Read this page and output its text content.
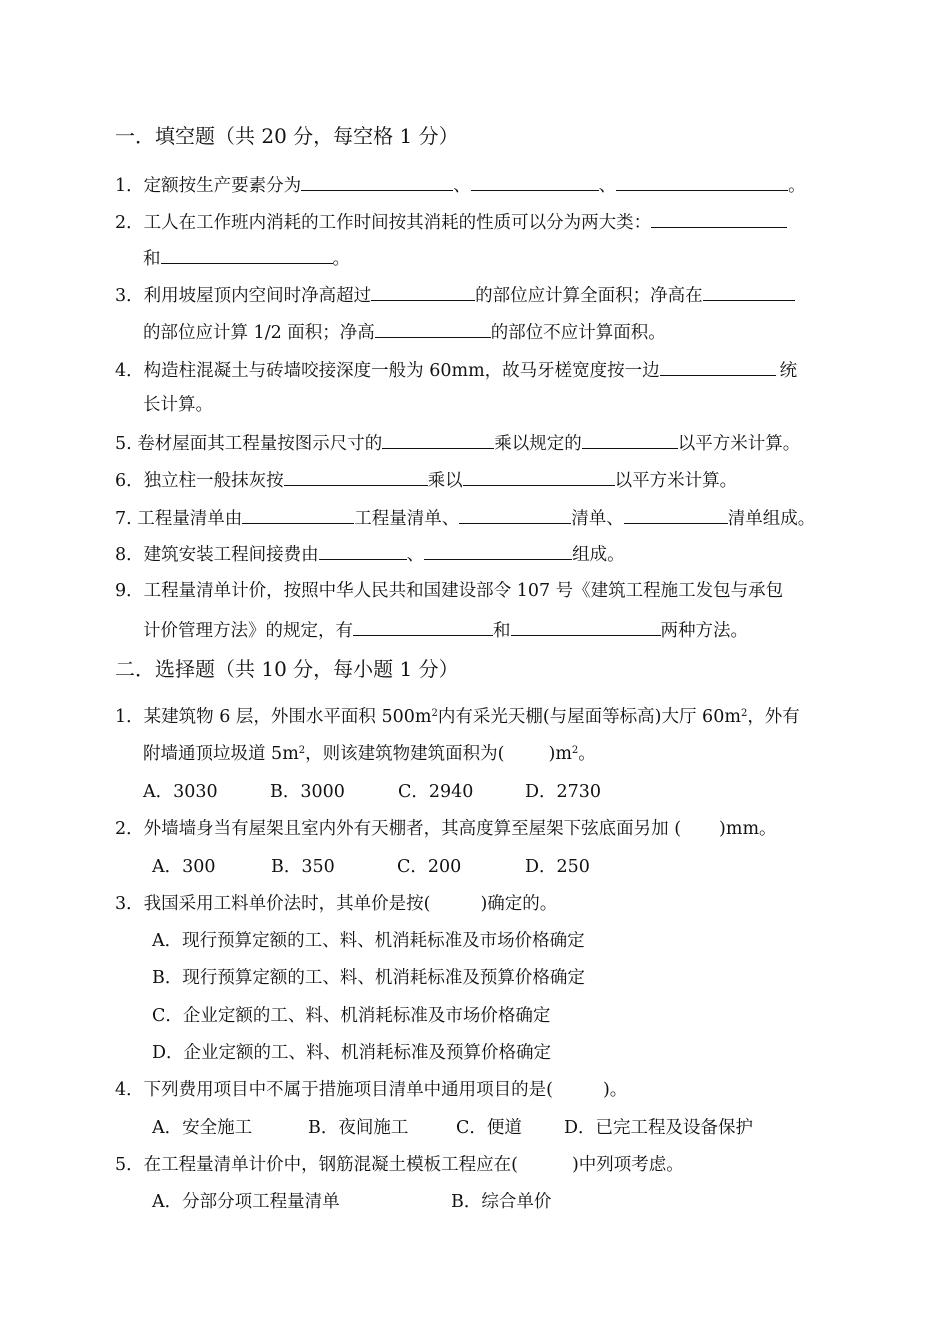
一．填空题（共 20 分，每空格 1 分）
1．定额按生产要素分为	、	、	。
2．工人在工作班内消耗的工作时间按其消耗的性质可以分为两大类：
和	。
3．利用坡屋顶内空间时净高超过	的部位应计算全面积；净高在
的部位应计算 1/2 面积；净高	的部位不应计算面积。
4．构造柱混凝土与砖墙咬接深度一般为 60mm，故马牙槎宽度按一边	统
长计算。
5. 卷材屋面其工程量按图示尺寸的	乘以规定的	以平方米计算。
6．独立柱一般抹灰按	乘以	以平方米计算。
7. 工程量清单由	工程量清单、	清单、	清单组成。
8．建筑安装工程间接费由	、	组成。
9．工程量清单计价，按照中华人民共和国建设部令 107 号《建筑工程施工发包与承包
计价管理方法》的规定，有	和	两种方法。
二．选择题（共 10 分，每小题 1 分）
1．某建筑物 6 层，外围水平面积 $500m^2$内有采光天棚(与屋面等标高)大厅 $60m^2$，外有
附墙通顶垃圾道 $5m^2$，则该建筑物建筑面积为(	)$m^2$。
A．3030	B．3000	C．2940	D．2730
2．外墙墙身当有屋架且室内外有天棚者，其高度算至屋架下弦底面另加 ( )mm。
A．300	B．350	C．200	D．250
3．我国采用工料单价法时，其单价是按(	)确定的。
A．现行预算定额的工、料、机消耗标准及市场价格确定
B．现行预算定额的工、料、机消耗标准及预算价格确定
C．企业定额的工、料、机消耗标准及市场价格确定
D．企业定额的工、料、机消耗标准及预算价格确定
4．下列费用项目中不属于措施项目清单中通用项目的是(	)。
A．安全施工	B．夜间施工	C．便道 D．已完工程及设备保护
5．在工程量清单计价中，钢筋混凝土模板工程应在(	)中列项考虑。
A．分部分项工程量清单	B．综合单价
